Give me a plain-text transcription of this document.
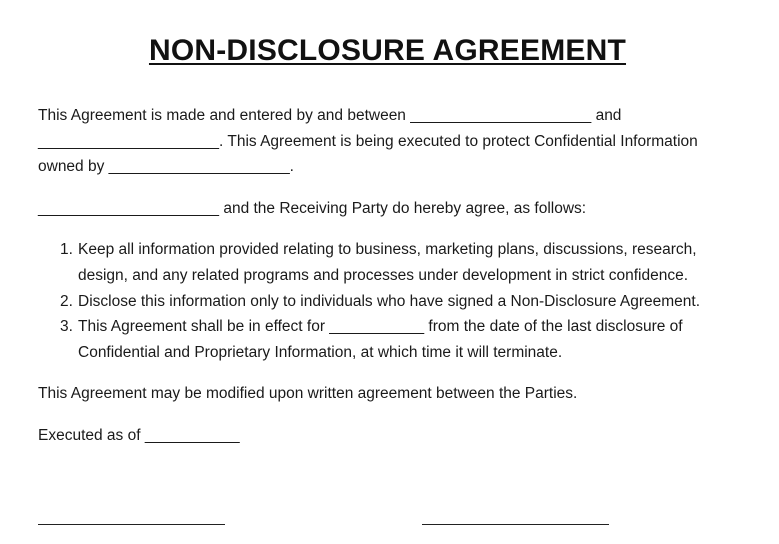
NON-DISCLOSURE AGREEMENT
This Agreement is made and entered by and between _____________________ and
_____________________. This Agreement is being executed to protect Confidential Information
owned by _____________________.
_____________________ and the Receiving Party do hereby agree, as follows:
1. Keep all information provided relating to business, marketing plans, discussions, research,
design, and any related programs and processes under development in strict confidence.
2. Disclose this information only to individuals who have signed a Non-Disclosure Agreement.
3. This Agreement shall be in effect for ___________ from the date of the last disclosure of
Confidential and Proprietary Information, at which time it will terminate.
This Agreement may be modified upon written agreement between the Parties.
Executed as of ___________
